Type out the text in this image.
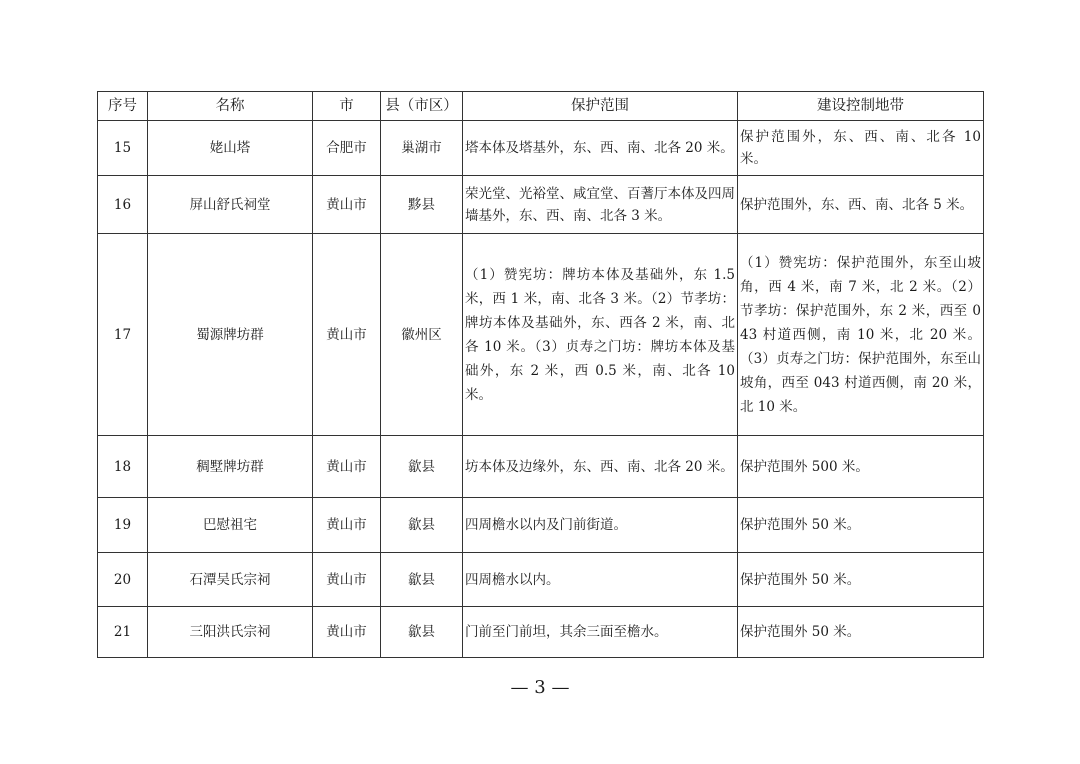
序号	名称	市	县（市区）	保护范围	建设控制地带
15	姥山塔	合肥市	巢湖市	塔本体及塔基外，东、西、南、北各 20 米。	保护范围外，东、西、南、北各 10 米。
16	屏山舒氏祠堂	黄山市	黟县	荣光堂、光裕堂、咸宜堂、百蓍厅本体及四周墙基外，东、西、南、北各 3 米。	保护范围外，东、西、南、北各 5 米。
17	蜀源牌坊群	黄山市	徽州区	（1）赞宪坊：牌坊本体及基础外，东 1.5 米，西 1 米，南、北各 3 米。（2）节孝坊：牌坊本体及基础外，东、西各 2 米，南、北各 10 米。（3）贞寿之门坊：牌坊本体及基础外，东 2 米，西 0.5 米，南、北各 10 米。	（1）赞宪坊：保护范围外，东至山坡角，西 4 米，南 7 米，北 2 米。（2）节孝坊：保护范围外，东 2 米，西至 043 村道西侧，南 10 米，北 20 米。（3）贞寿之门坊：保护范围外，东至山坡角，西至 043 村道西侧，南 20 米，北 10 米。
18	稠墅牌坊群	黄山市	歙县	坊本体及边缘外，东、西、南、北各 20 米。	保护范围外 500 米。
19	巴慰祖宅	黄山市	歙县	四周檐水以内及门前街道。	保护范围外 50 米。
20	石潭吴氏宗祠	黄山市	歙县	四周檐水以内。	保护范围外 50 米。
21	三阳洪氏宗祠	黄山市	歙县	门前至门前坦，其余三面至檐水。	保护范围外 50 米。
— 3 —
